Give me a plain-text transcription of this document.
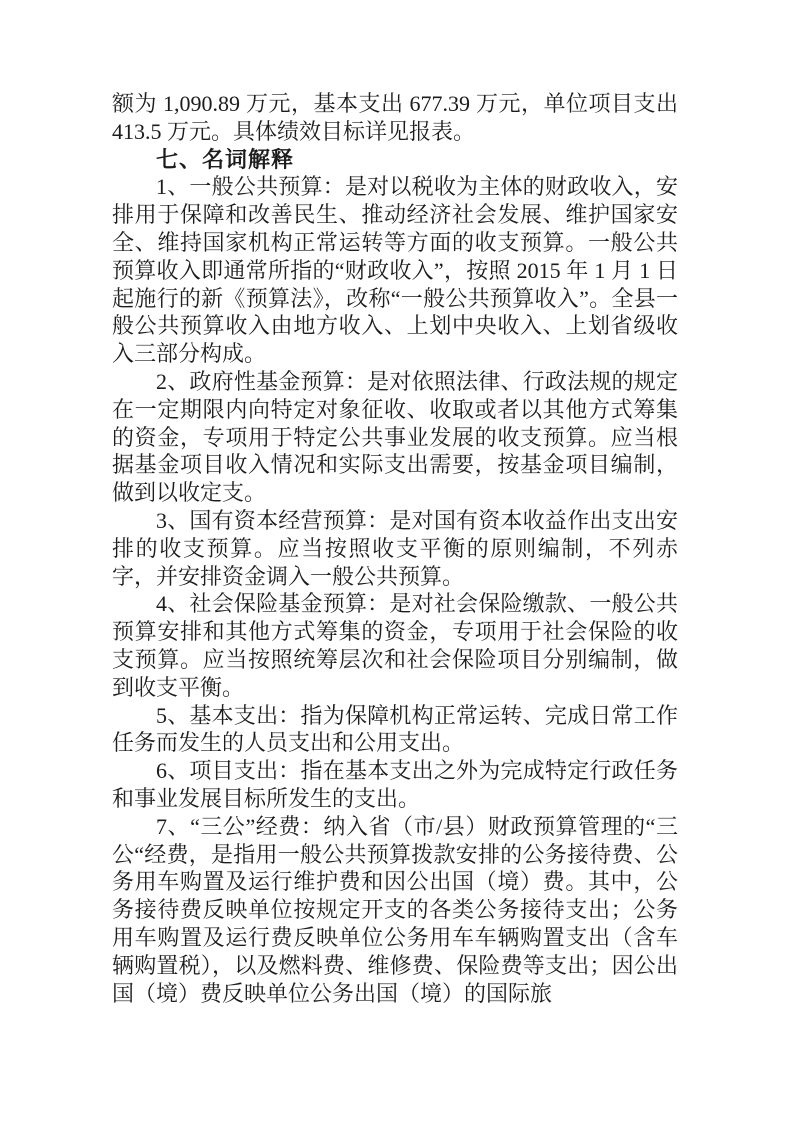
额为 1,090.89 万元，基本支出 677.39 万元，单位项目支出 413.5 万元。具体绩效目标详见报表。

七、名词解释

1、一般公共预算：是对以税收为主体的财政收入，安排用于保障和改善民生、推动经济社会发展、维护国家安全、维持国家机构正常运转等方面的收支预算。一般公共预算收入即通常所指的“财政收入”，按照 2015 年 1 月 1 日起施行的新《预算法》，改称“一般公共预算收入”。全县一般公共预算收入由地方收入、上划中央收入、上划省级收入三部分构成。

2、政府性基金预算：是对依照法律、行政法规的规定在一定期限内向特定对象征收、收取或者以其他方式筹集的资金，专项用于特定公共事业发展的收支预算。应当根据基金项目收入情况和实际支出需要，按基金项目编制，做到以收定支。

3、国有资本经营预算：是对国有资本收益作出支出安排的收支预算。应当按照收支平衡的原则编制，不列赤字，并安排资金调入一般公共预算。

4、社会保险基金预算：是对社会保险缴款、一般公共预算安排和其他方式筹集的资金，专项用于社会保险的收支预算。应当按照统筹层次和社会保险项目分别编制，做到收支平衡。

5、基本支出：指为保障机构正常运转、完成日常工作任务而发生的人员支出和公用支出。

6、项目支出：指在基本支出之外为完成特定行政任务和事业发展目标所发生的支出。

7、“三公”经费：纳入省（市/县）财政预算管理的“三公“经费，是指用一般公共预算拨款安排的公务接待费、公务用车购置及运行维护费和因公出国（境）费。其中，公务接待费反映单位按规定开支的各类公务接待支出；公务用车购置及运行费反映单位公务用车车辆购置支出（含车辆购置税），以及燃料费、维修费、保险费等支出；因公出国（境）费反映单位公务出国（境）的国际旅
